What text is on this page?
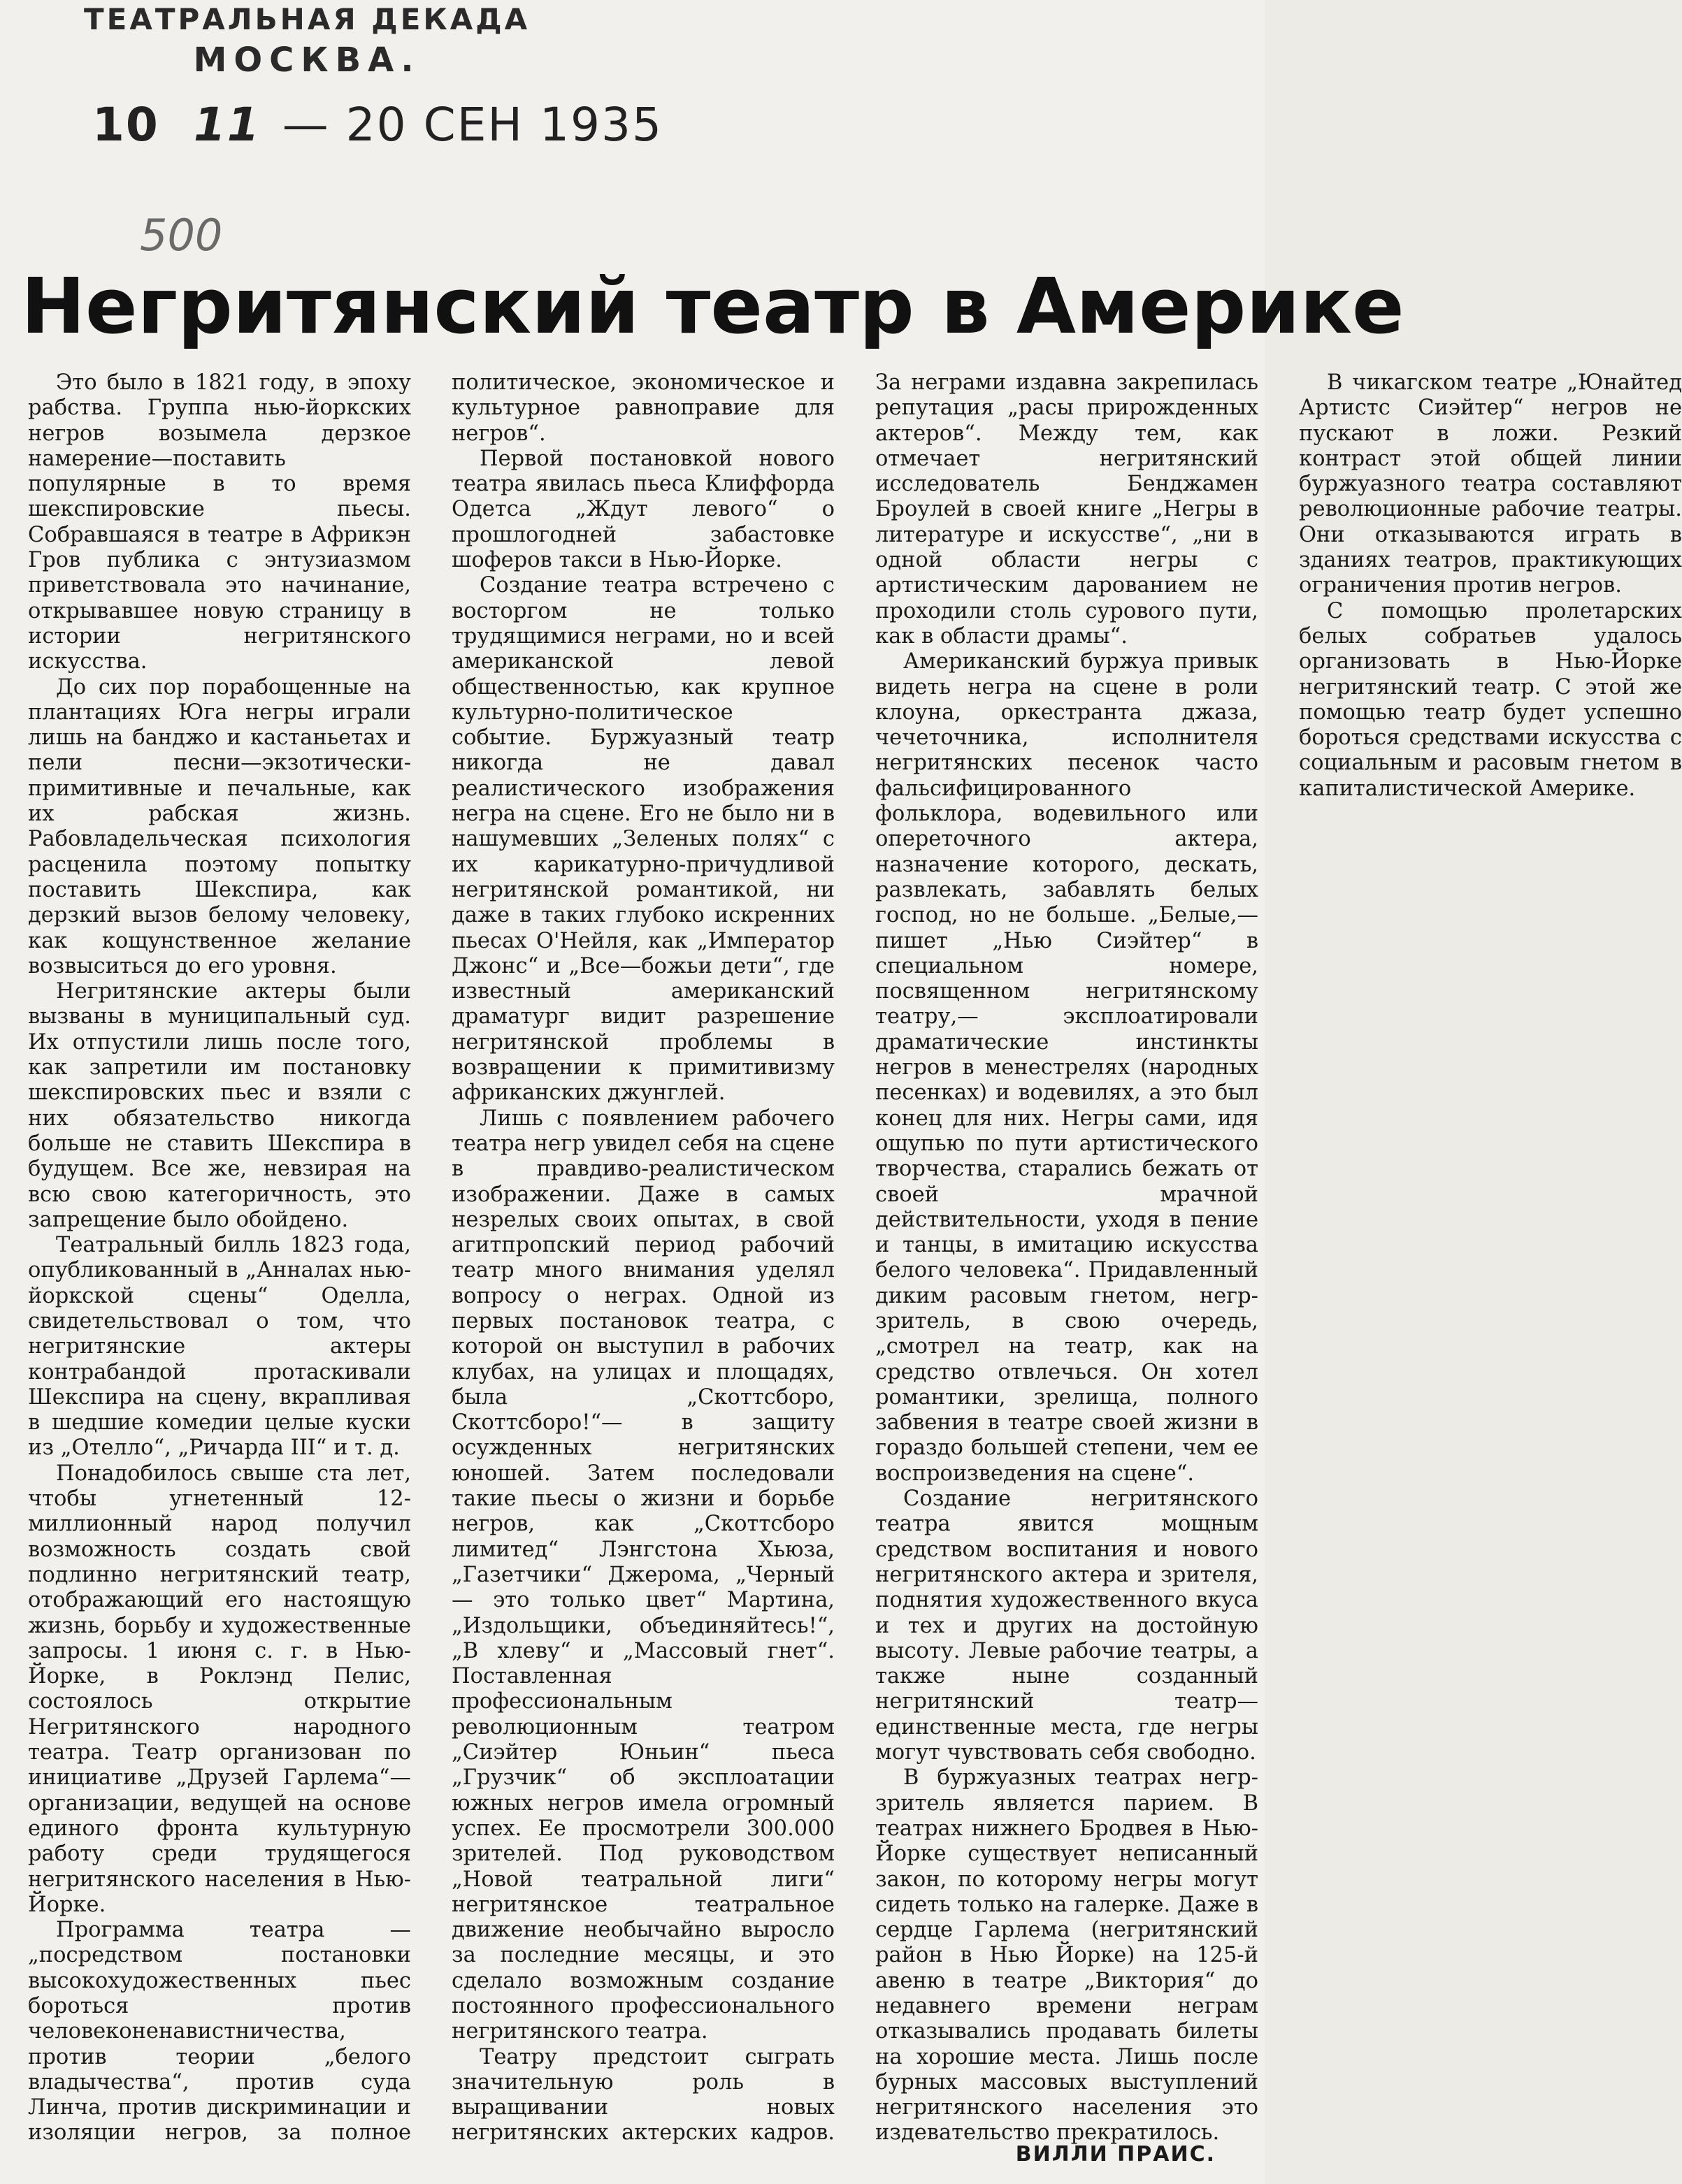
ТЕАТРАЛЬНАЯ ДЕКАДА
МОСКВА.
10 11 — 20 СЕН 1935
500
Негритянский театр в Америке

Это было в 1821 году, в эпоху рабства. Группа нью-йоркских негров возымела дерзкое намерение—поставить популярные в то время шекспировские пьесы. Собравшаяся в театре в Африкэн Гров публика с энтузиазмом приветствовала это начинание, открывавшее новую страницу в истории негритянского искусства.

До сих пор порабощенные на плантациях Юга негры играли лишь на банджо и кастаньетах и пели песни—экзотически-примитивные и печальные, как их рабская жизнь. Рабовладельческая психология расценила поэтому попытку поставить Шекспира, как дерзкий вызов белому человеку, как кощунственное желание возвыситься до его уровня.

Негритянские актеры были вызваны в муниципальный суд. Их отпустили лишь после того, как запретили им постановку шекспировских пьес и взяли с них обязательство никогда больше не ставить Шекспира в будущем. Все же, невзирая на всю свою категоричность, это запрещение было обойдено.

Театральный билль 1823 года, опубликованный в „Анналах нью-йоркской сцены“ Оделла, свидетельствовал о том, что негритянские актеры контрабандой протаскивали Шекспира на сцену, вкрапливая в шедшие комедии целые куски из „Отелло“, „Ричарда III“ и т. д.

Понадобилось свыше ста лет, чтобы угнетенный 12-миллионный народ получил возможность создать свой подлинно негритянский театр, отображающий его настоящую жизнь, борьбу и художественные запросы. 1 июня с. г. в Нью-Йорке, в Роклэнд Пелис, состоялось открытие Негритянского народного театра. Театр организован по инициативе „Друзей Гарлема“—организации, ведущей на основе единого фронта культурную работу среди трудящегося негритянского населения в Нью-Йорке.

Программа театра — „посредством постановки высокохудожественных пьес бороться против человеконенавистничества, против теории „белого владычества“, против суда Линча, против дискриминации и изоляции негров, за полное политическое, экономическое и культурное равноправие для негров“.

Первой постановкой нового театра явилась пьеса Клиффорда Одетса „Ждут левого“ о прошлогодней забастовке шоферов такси в Нью-Йорке.

Создание театра встречено с восторгом не только трудящимися неграми, но и всей американской левой общественностью, как крупное культурно-политическое событие. Буржуазный театр никогда не давал реалистического изображения негра на сцене. Его не было ни в нашумевших „Зеленых полях“ с их карикатурно-причудливой негритянской романтикой, ни даже в таких глубоко искренних пьесах О'Нейля, как „Император Джонс“ и „Все—божьи дети“, где известный американский драматург видит разрешение негритянской проблемы в возвращении к примитивизму африканских джунглей.

Лишь с появлением рабочего театра негр увидел себя на сцене в правдиво-реалистическом изображении. Даже в самых незрелых своих опытах, в свой агитпропский период рабочий театр много внимания уделял вопросу о неграх. Одной из первых постановок театра, с которой он выступил в рабочих клубах, на улицах и площадях, была „Скоттсборо, Скоттсборо!“— в защиту осужденных негритянских юношей. Затем последовали такие пьесы о жизни и борьбе негров, как „Скоттсборо лимитед“ Лэнгстона Хьюза, „Газетчики“ Джерома, „Черный — это только цвет“ Мартина, „Издольщики, объединяйтесь!“, „В хлеву“ и „Массовый гнет“. Поставленная профессиональным революционным театром „Сиэйтер Юньин“ пьеса „Грузчик“ об эксплоатации южных негров имела огромный успех. Ее просмотрели 300.000 зрителей. Под руководством „Новой театральной лиги“ негритянское театральное движение необычайно выросло за последние месяцы, и это сделало возможным создание постоянного профессионального негритянского театра.

Театру предстоит сыграть значительную роль в выращивании новых негритянских актерских кадров. За неграми издавна закрепилась репутация „расы прирожденных актеров“. Между тем, как отмечает негритянский исследователь Бенджамен Броулей в своей книге „Негры в литературе и искусстве“, „ни в одной области негры с артистическим дарованием не проходили столь сурового пути, как в области драмы“.

Американский буржуа привык видеть негра на сцене в роли клоуна, оркестранта джаза, чечеточника, исполнителя негритянских песенок часто фальсифицированного фольклора, водевильного или опереточного актера, назначение которого, дескать, развлекать, забавлять белых господ, но не больше. „Белые,—пишет „Нью Сиэйтер“ в специальном номере, посвященном негритянскому театру,— эксплоатировали драматические инстинкты негров в менестрелях (народных песенках) и водевилях, а это был конец для них. Негры сами, идя ощупью по пути артистического творчества, старались бежать от своей мрачной действительности, уходя в пение и танцы, в имитацию искусства белого человека“. Придавленный диким расовым гнетом, негр-зритель, в свою очередь, „смотрел на театр, как на средство отвлечься. Он хотел романтики, зрелища, полного забвения в театре своей жизни в гораздо большей степени, чем ее воспроизведения на сцене“.

Создание негритянского театра явится мощным средством воспитания и нового негритянского актера и зрителя, поднятия художественного вкуса и тех и других на достойную высоту. Левые рабочие театры, а также ныне созданный негритянский театр—единственные места, где негры могут чувствовать себя свободно.

В буржуазных театрах негр-зритель является парием. В театрах нижнего Бродвея в Нью-Йорке существует неписанный закон, по которому негры могут сидеть только на галерке. Даже в сердце Гарлема (негритянский район в Нью Йорке) на 125-й авеню в театре „Виктория“ до недавнего времени неграм отказывались продавать билеты на хорошие места. Лишь после бурных массовых выступлений негритянского населения это издевательство прекратилось.

В чикагском театре „Юнайтед Артистс Сиэйтер“ негров не пускают в ложи. Резкий контраст этой общей линии буржуазного театра составляют революционные рабочие театры. Они отказываются играть в зданиях театров, практикующих ограничения против негров.

С помощью пролетарских белых собратьев удалось организовать в Нью-Йорке негритянский театр. С этой же помощью театр будет успешно бороться средствами искусства с социальным и расовым гнетом в капиталистической Америке.

ВИЛЛИ ПРАИС.
